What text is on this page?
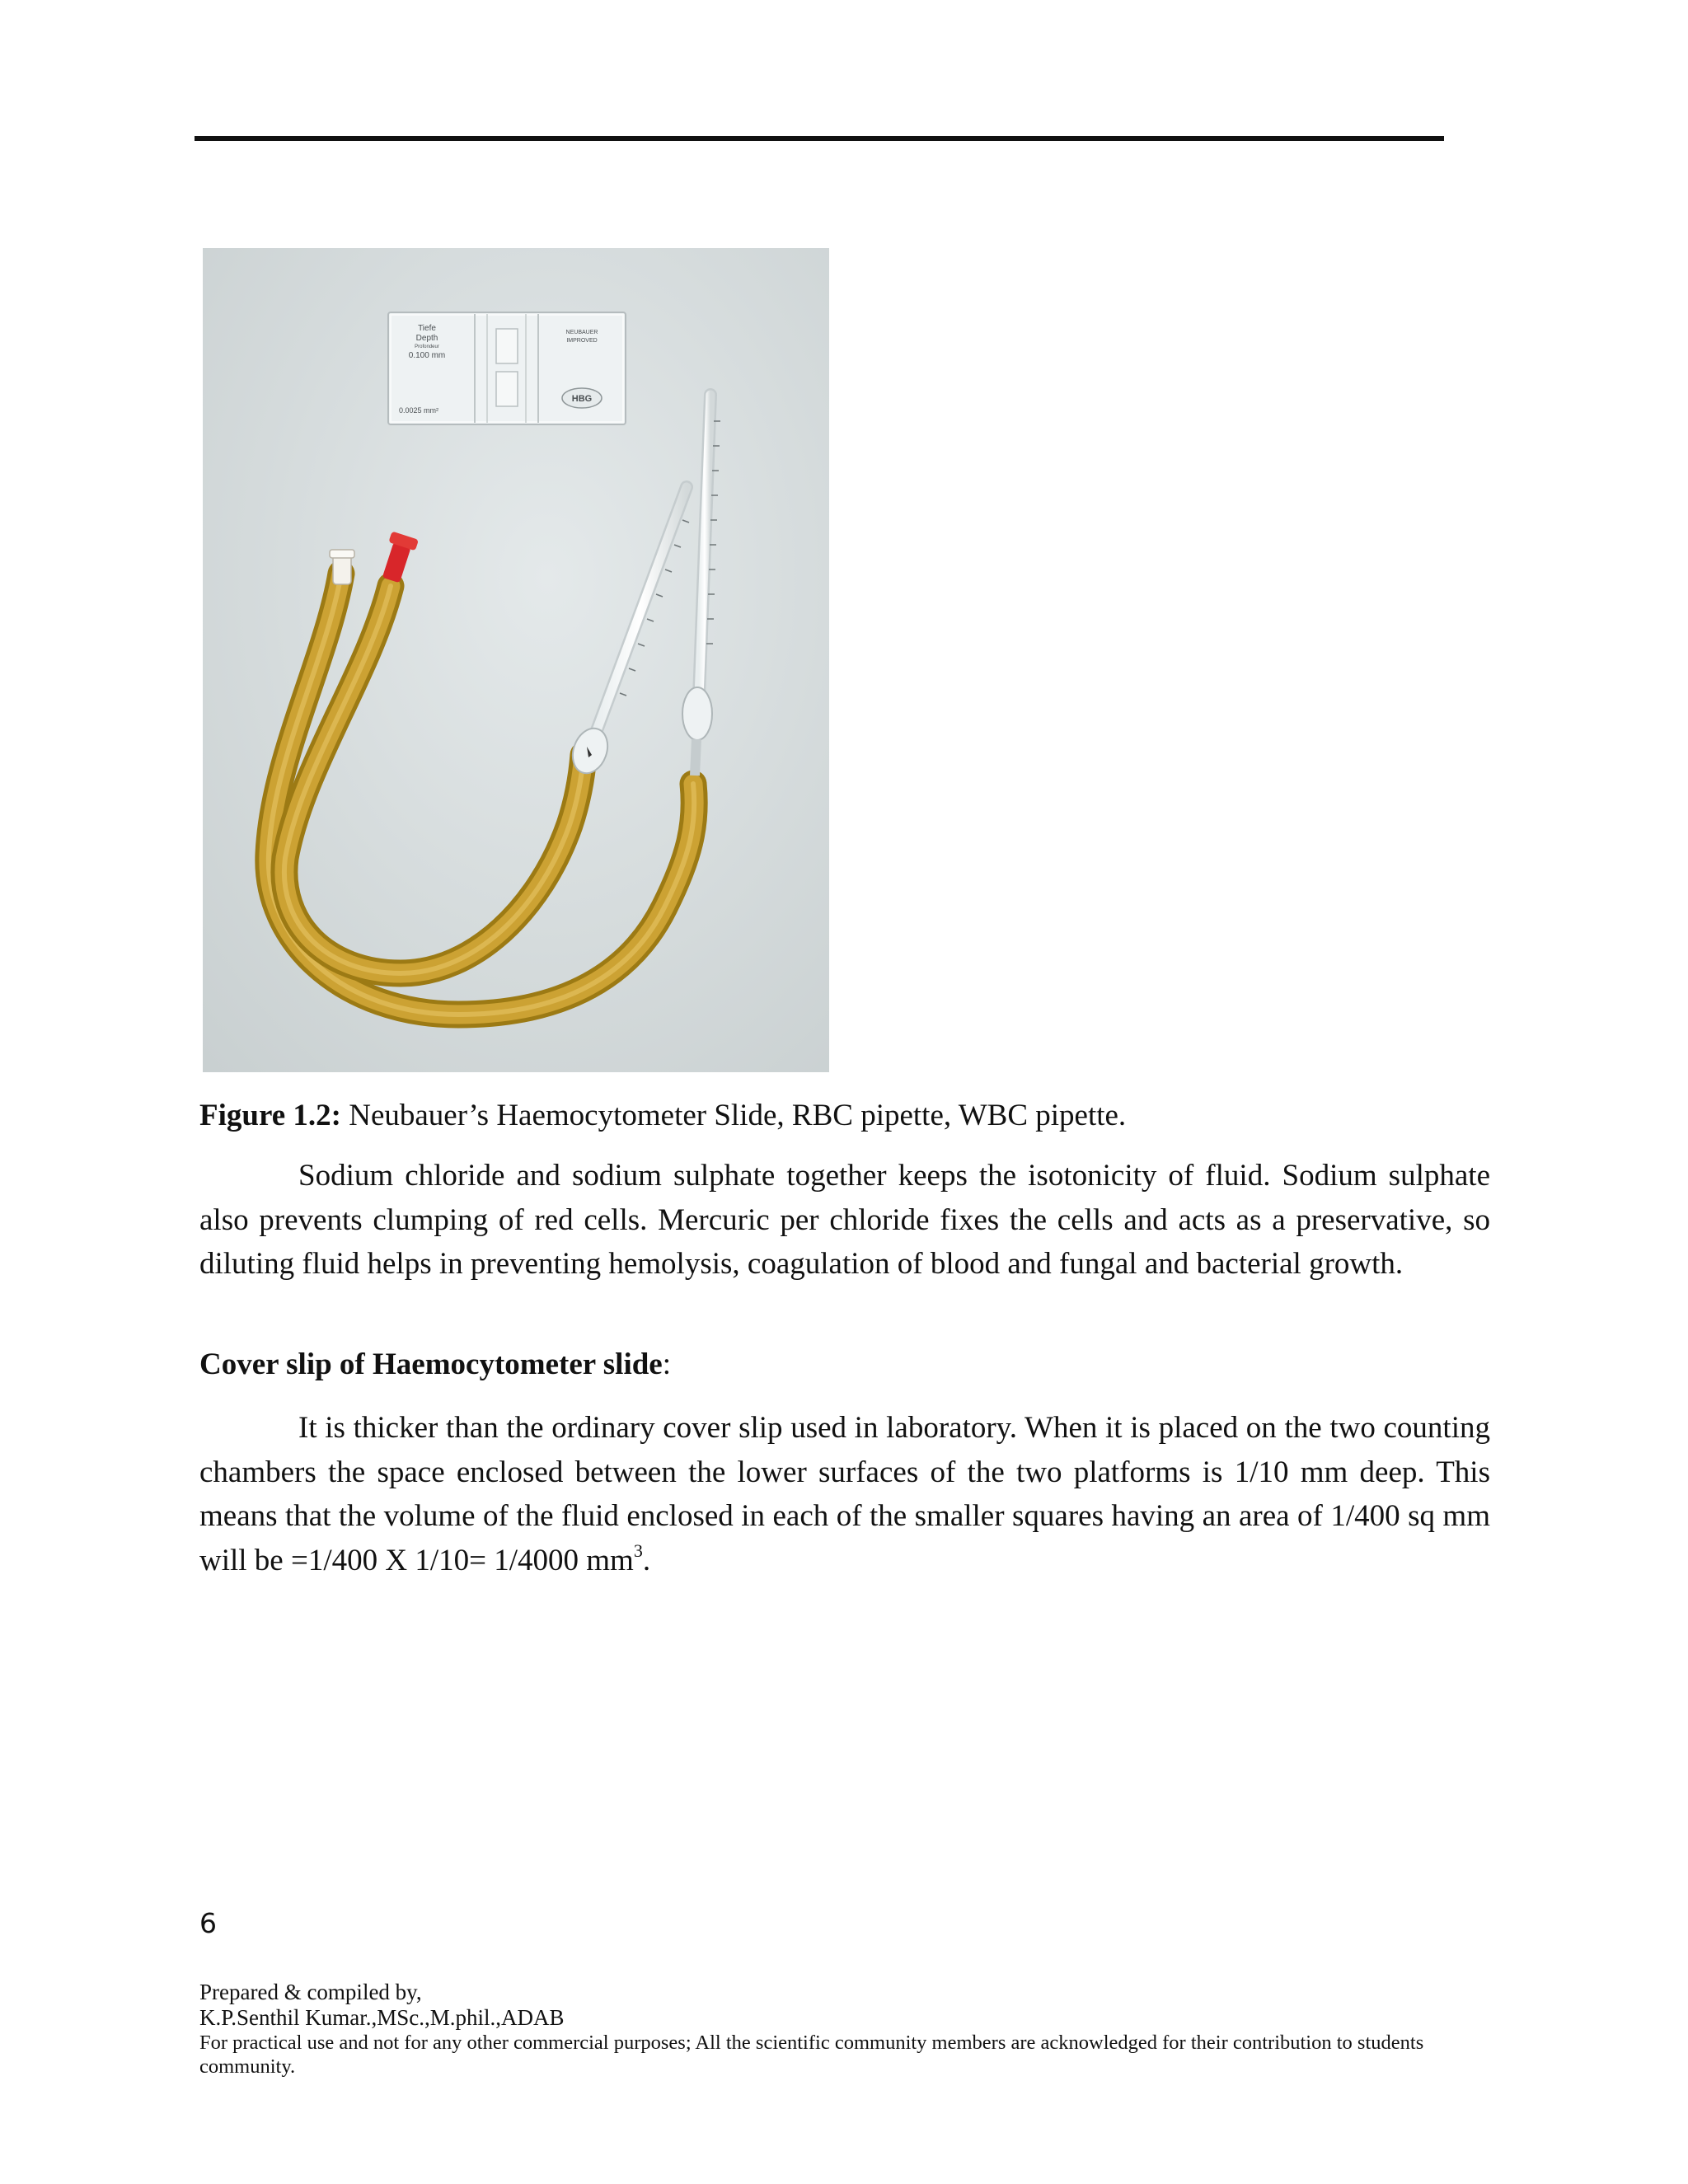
Tiefe
Depth
Profondeur
0.100 mm
0.0025 mm²
NEUBAUER
IMPROVED
HBG
Figure 1.2: Neubauer’s Haemocytometer Slide, RBC pipette, WBC pipette.

Sodium chloride and sodium sulphate together keeps the isotonicity of fluid. Sodium sulphate also prevents clumping of red cells. Mercuric per chloride fixes the cells and acts as a preservative, so diluting fluid helps in preventing hemolysis, coagulation of blood and fungal and bacterial growth.

Cover slip of Haemocytometer slide:

It is thicker than the ordinary cover slip used in laboratory. When it is placed on the two counting chambers the space enclosed between the lower surfaces of the two platforms is 1/10 mm deep. This means that the volume of the fluid enclosed in each of the smaller squares having an area of 1/400 sq mm will be =1/400 X 1/10= 1/4000 $mm^3$.

6
Prepared & compiled by,
K.P.Senthil Kumar.,MSc.,M.phil.,ADAB
For practical use and not for any other commercial purposes; All the scientific community members are acknowledged for their contribution to students community.
